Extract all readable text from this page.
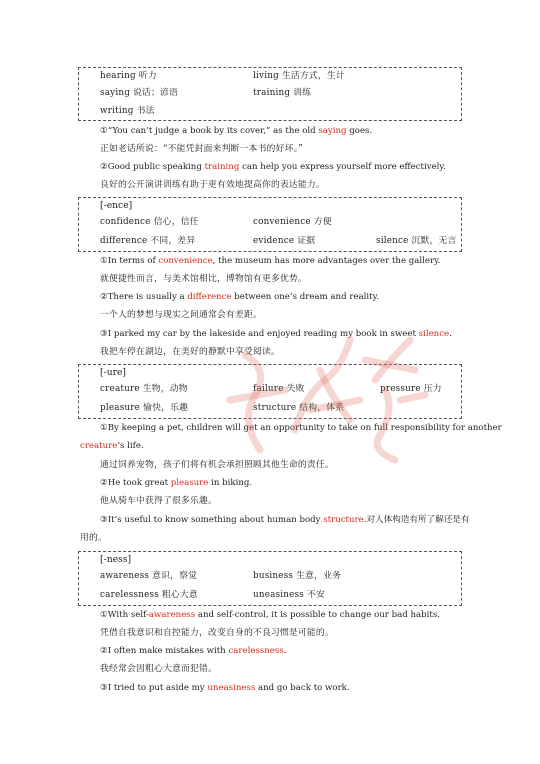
hearing 听力	living 生活方式，生计
saying 说话；谚语	training 训练
writing 书法
①“You can’t judge a book by its cover,” as the old saying goes.
正如老话所说：“不能凭封面来判断一本书的好坏。”
②Good public speaking training can help you express yourself more effectively.
良好的公开演讲训练有助于更有效地提高你的表达能力。
[-ence]
confidence 信心，信任	convenience 方便
difference 不同，差异	evidence 证据	silence 沉默，无言
①In terms of convenience, the museum has more advantages over the gallery.
就便捷性而言，与美术馆相比，博物馆有更多优势。
②There is usually a difference between one’s dream and reality.
一个人的梦想与现实之间通常会有差距。
③I parked my car by the lakeside and enjoyed reading my book in sweet silence.
我把车停在湖边，在美好的静默中享受阅读。
[-ure]
creature 生物，动物	failure 失败	pressure 压力
pleasure 愉快，乐趣	structure 结构，体系
①By keeping a pet, children will get an opportunity to take on full responsibility for another
creature’s life.
通过饲养宠物，孩子们将有机会承担照顾其他生命的责任。
②He took great pleasure in biking.
他从骑车中获得了很多乐趣。
③It’s useful to know something about human body structure.对人体构造有所了解还是有
用的。
[-ness]
awareness 意识，察觉	business 生意，业务
carelessness 粗心大意	uneasiness 不安
①With self-awareness and self-control, it is possible to change our bad habits.
凭借自我意识和自控能力，改变自身的不良习惯是可能的。
②I often make mistakes with carelessness.
我经常会因粗心大意而犯错。
③I tried to put aside my uneasiness and go back to work.
